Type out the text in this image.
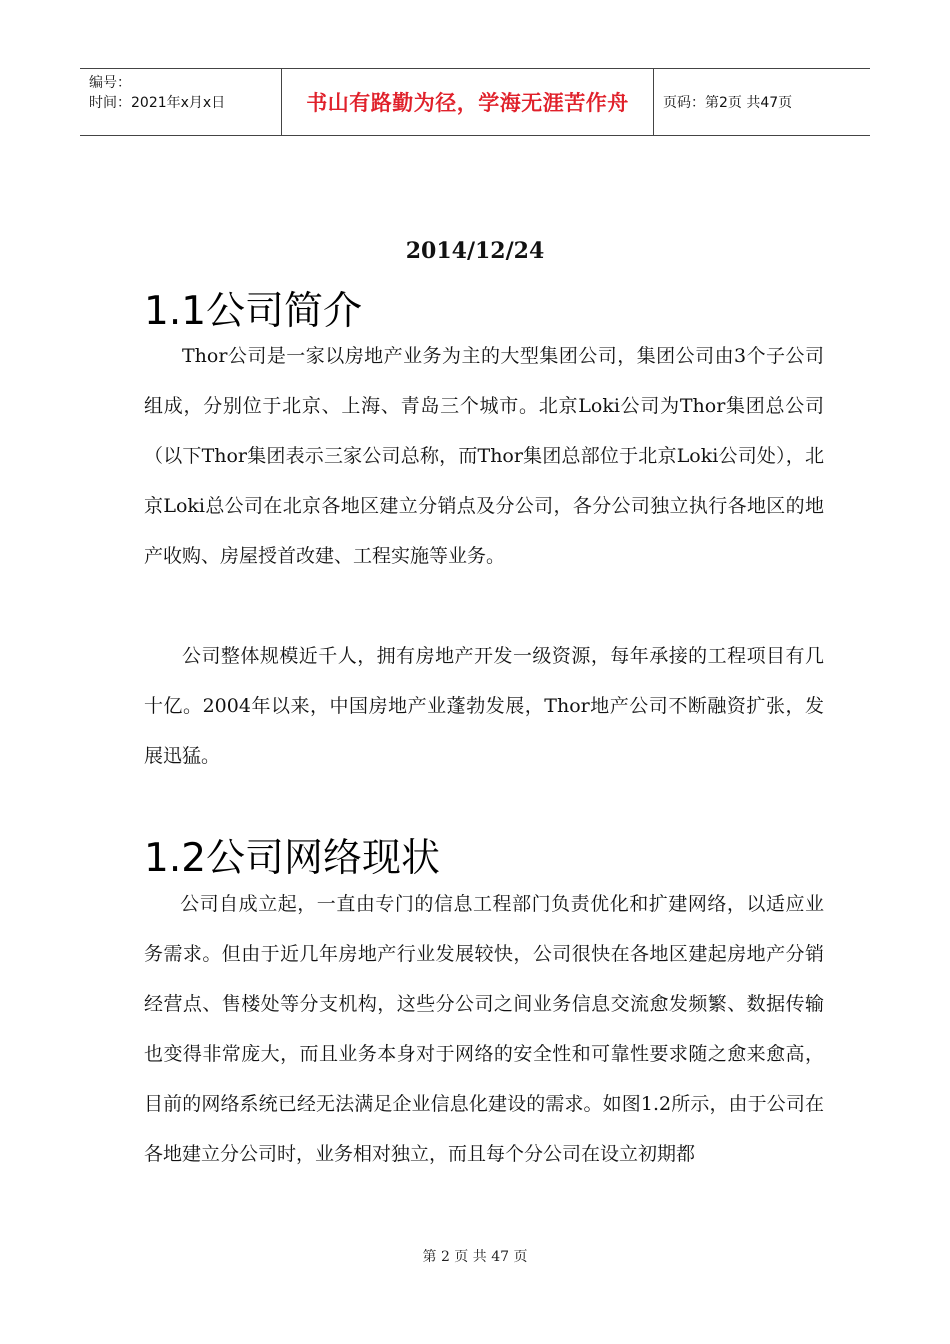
编号：
时间：2021年x月x日	书山有路勤为径，学海无涯苦作舟 页码：第2页 共47页
2014/12/24
1.1公司简介

Thor公司是一家以房地产业务为主的大型集团公司，集团公司由3个子公司组成，分别位于北京、上海、青岛三个城市。北京Loki公司为Thor集团总公司（以下Thor集团表示三家公司总称，而Thor集团总部位于北京Loki公司处），北京Loki总公司在北京各地区建立分销点及分公司，各分公司独立执行各地区的地产收购、房屋授首改建、工程实施等业务。

公司整体规模近千人，拥有房地产开发一级资源，每年承接的工程项目有几十亿。2004年以来，中国房地产业蓬勃发展，Thor地产公司不断融资扩张，发展迅猛。

1.2公司网络现状

公司自成立起，一直由专门的信息工程部门负责优化和扩建网络，以适应业务需求。但由于近几年房地产行业发展较快，公司很快在各地区建起房地产分销经营点、售楼处等分支机构，这些分公司之间业务信息交流愈发频繁、数据传输也变得非常庞大，而且业务本身对于网络的安全性和可靠性要求随之愈来愈高，目前的网络系统已经无法满足企业信息化建设的需求。如图1.2所示，由于公司在各地建立分公司时，业务相对独立，而且每个分公司在设立初期都

第 2 页 共 47 页
